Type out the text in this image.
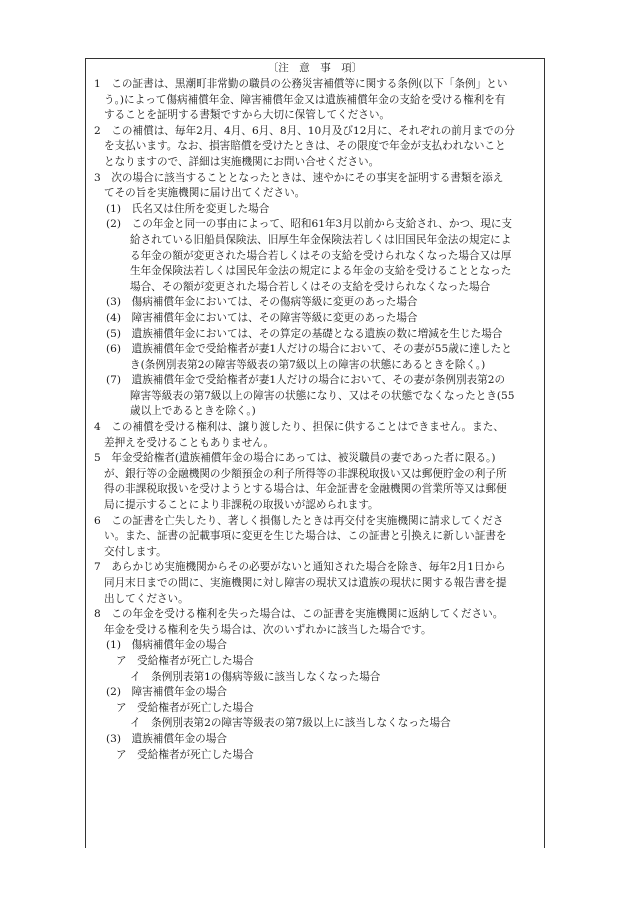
〔注　意　事　項〕
1　この証書は、黒潮町非常勤の職員の公務災害補償等に関する条例(以下「条例」とい
う。)によって傷病補償年金、障害補償年金又は遺族補償年金の支給を受ける権利を有
することを証明する書類ですから大切に保管してください。
2　この補償は、毎年2月、4月、6月、8月、10月及び12月に、それぞれの前月までの分
を支払います。なお、損害賠償を受けたときは、その限度で年金が支払われないこと
となりますので、詳細は実施機関にお問い合せください。
3　次の場合に該当することとなったときは、速やかにその事実を証明する書類を添え
てその旨を実施機関に届け出てください。
(1)　氏名又は住所を変更した場合
(2)　この年金と同一の事由によって、昭和61年3月以前から支給され、かつ、現に支
給されている旧船員保険法、旧厚生年金保険法若しくは旧国民年金法の規定によ
る年金の額が変更された場合若しくはその支給を受けられなくなった場合又は厚
生年金保険法若しくは国民年金法の規定による年金の支給を受けることとなった
場合、その額が変更された場合若しくはその支給を受けられなくなった場合
(3)　傷病補償年金においては、その傷病等級に変更のあった場合
(4)　障害補償年金においては、その障害等級に変更のあった場合
(5)　遺族補償年金においては、その算定の基礎となる遺族の数に増減を生じた場合
(6)　遺族補償年金で受給権者が妻1人だけの場合において、その妻が55歳に達したと
き(条例別表第2の障害等級表の第7級以上の障害の状態にあるときを除く。)
(7)　遺族補償年金で受給権者が妻1人だけの場合において、その妻が条例別表第2の
障害等級表の第7級以上の障害の状態になり、又はその状態でなくなったとき(55
歳以上であるときを除く。)
4　この補償を受ける権利は、譲り渡したり、担保に供することはできません。また、
差押えを受けることもありません。
5　年金受給権者(遺族補償年金の場合にあっては、被災職員の妻であった者に限る。)
が、銀行等の金融機関の少額預金の利子所得等の非課税取扱い又は郵便貯金の利子所
得の非課税取扱いを受けようとする場合は、年金証書を金融機関の営業所等又は郵便
局に提示することにより非課税の取扱いが認められます。
6　この証書を亡失したり、著しく損傷したときは再交付を実施機関に請求してくださ
い。また、証書の記載事項に変更を生じた場合は、この証書と引換えに新しい証書を
交付します。
7　あらかじめ実施機関からその必要がないと通知された場合を除き、毎年2月1日から
同月末日までの間に、実施機関に対し障害の現状又は遺族の現状に関する報告書を提
出してください。
8　この年金を受ける権利を失った場合は、この証書を実施機関に返納してください。
年金を受ける権利を失う場合は、次のいずれかに該当した場合です。
(1)　傷病補償年金の場合
ア　受給権者が死亡した場合
イ　条例別表第1の傷病等級に該当しなくなった場合
(2)　障害補償年金の場合
ア　受給権者が死亡した場合
イ　条例別表第2の障害等級表の第7級以上に該当しなくなった場合
(3)　遺族補償年金の場合
ア　受給権者が死亡した場合
